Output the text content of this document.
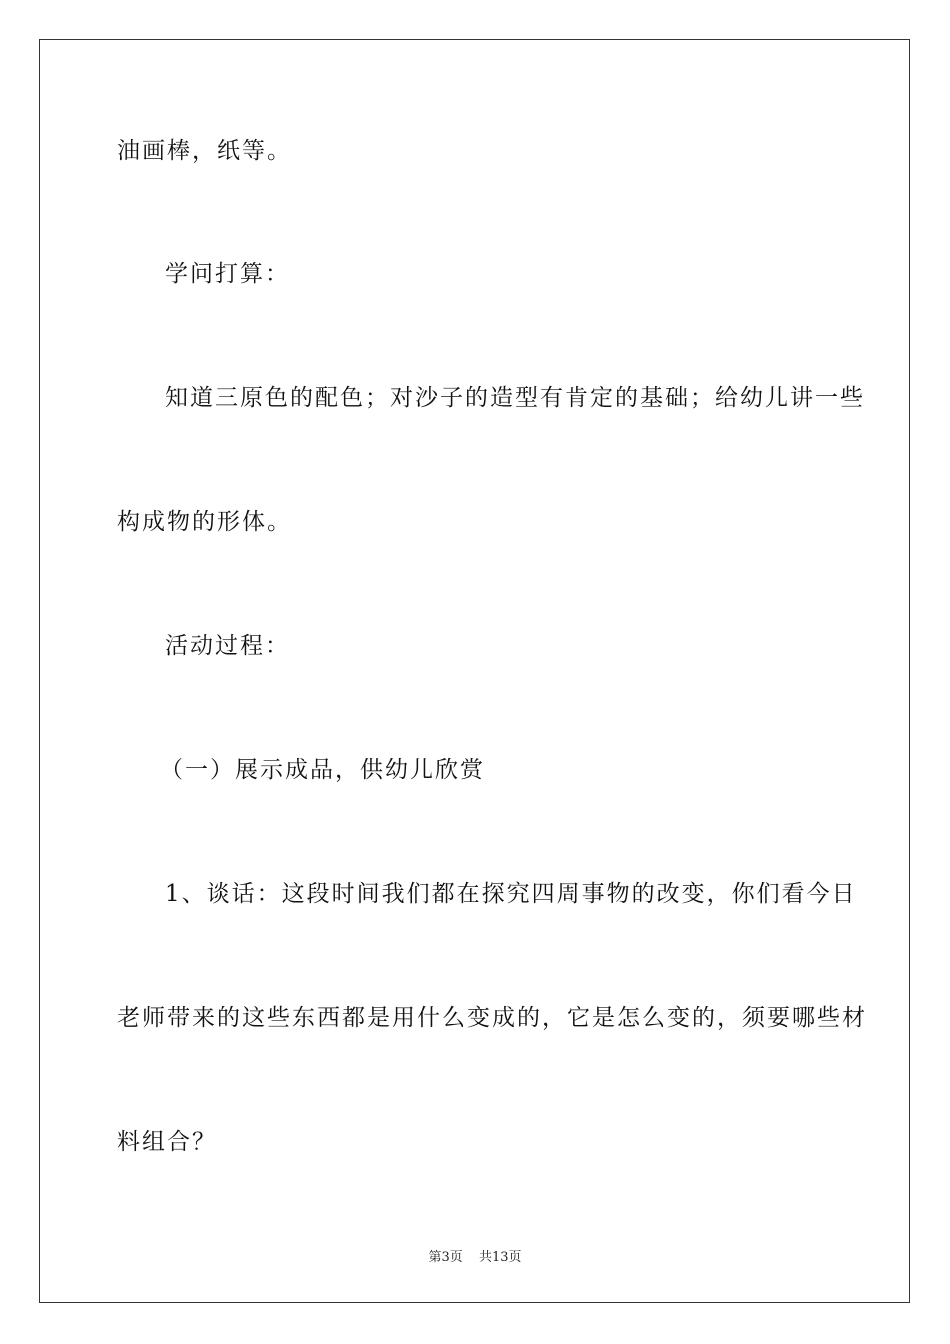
油画棒，纸等。
学问打算：
知道三原色的配色；对沙子的造型有肯定的基础；给幼儿讲一些
构成物的形体。
活动过程：
（一）展示成品，供幼儿欣赏
1、谈话：这段时间我们都在探究四周事物的改变，你们看今日
老师带来的这些东西都是用什么变成的，它是怎么变的，须要哪些材
料组合？
第3页 共13页
